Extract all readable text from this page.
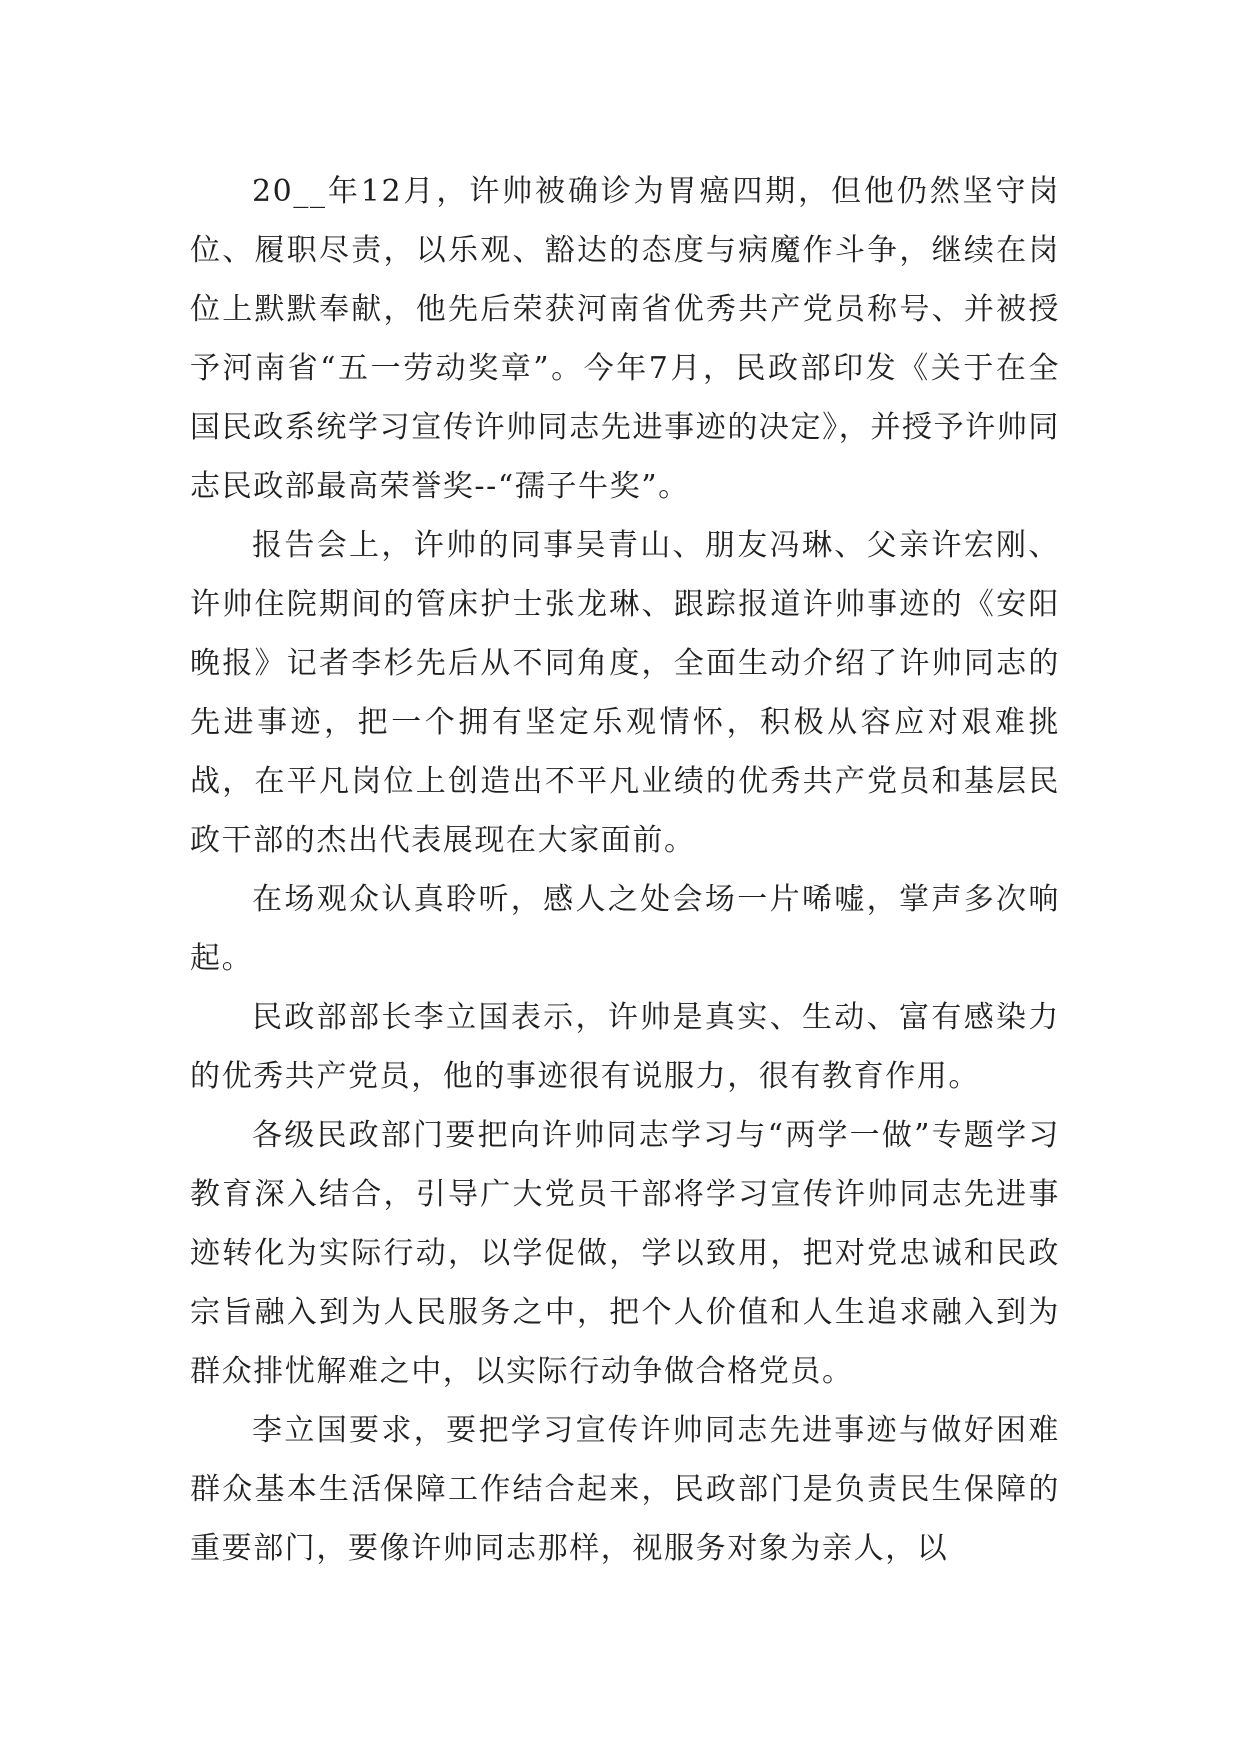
20__年12月，许帅被确诊为胃癌四期，但他仍然坚守岗位、履职尽责，以乐观、豁达的态度与病魔作斗争，继续在岗位上默默奉献，他先后荣获河南省优秀共产党员称号、并被授予河南省“五一劳动奖章”。今年7月，民政部印发《关于在全国民政系统学习宣传许帅同志先进事迹的决定》，并授予许帅同志民政部最高荣誉奖--“孺子牛奖”。

报告会上，许帅的同事吴青山、朋友冯琳、父亲许宏刚、许帅住院期间的管床护士张龙琳、跟踪报道许帅事迹的《安阳晚报》记者李杉先后从不同角度，全面生动介绍了许帅同志的先进事迹，把一个拥有坚定乐观情怀，积极从容应对艰难挑战，在平凡岗位上创造出不平凡业绩的优秀共产党员和基层民政干部的杰出代表展现在大家面前。

在场观众认真聆听，感人之处会场一片唏嘘，掌声多次响起。

民政部部长李立国表示，许帅是真实、生动、富有感染力的优秀共产党员，他的事迹很有说服力，很有教育作用。

各级民政部门要把向许帅同志学习与“两学一做”专题学习教育深入结合，引导广大党员干部将学习宣传许帅同志先进事迹转化为实际行动，以学促做，学以致用，把对党忠诚和民政宗旨融入到为人民服务之中，把个人价值和人生追求融入到为群众排忧解难之中，以实际行动争做合格党员。

李立国要求，要把学习宣传许帅同志先进事迹与做好困难群众基本生活保障工作结合起来，民政部门是负责民生保障的重要部门，要像许帅同志那样，视服务对象为亲人，以
